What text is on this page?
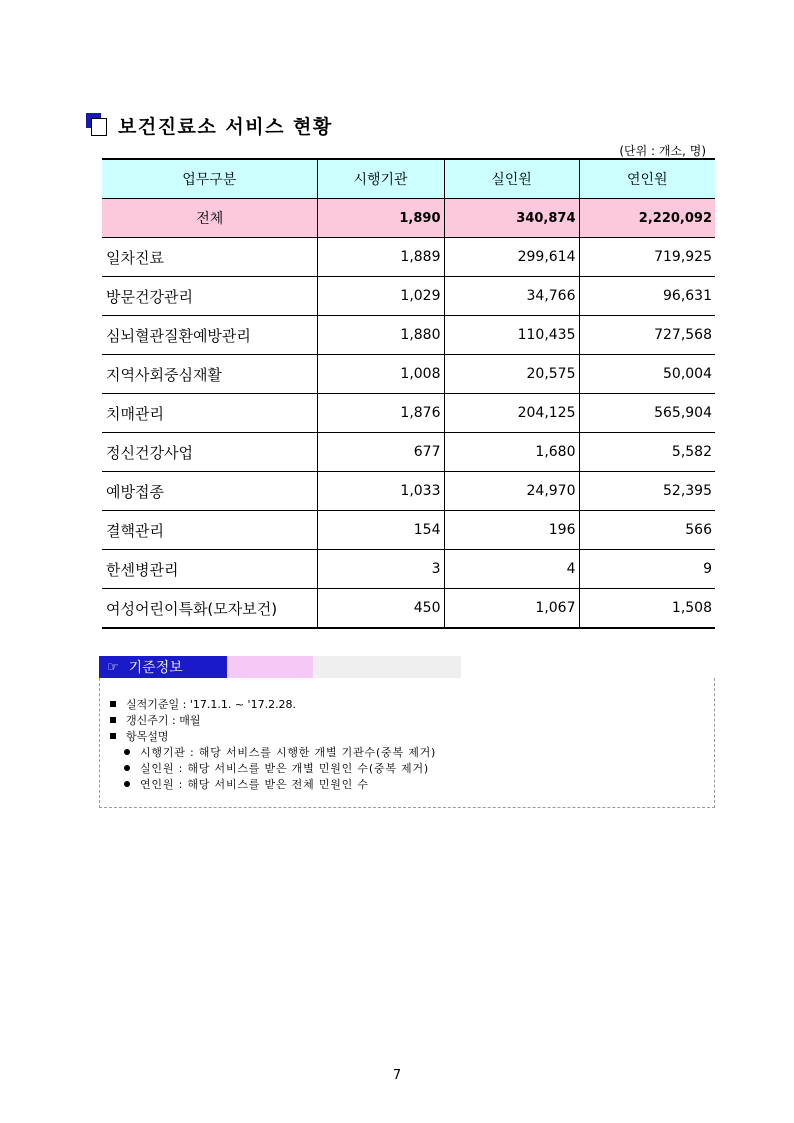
보건진료소 서비스 현황
(단위 : 개소, 명)
업무구분	시행기관	실인원	연인원
전체	1,890	340,874	2,220,092
일차진료	1,889	299,614	719,925
방문건강관리	1,029	34,766	96,631
심뇌혈관질환예방관리	1,880	110,435	727,568
지역사회중심재활	1,008	20,575	50,004
치매관리	1,876	204,125	565,904
정신건강사업	677	1,680	5,582
예방접종	1,033	24,970	52,395
결핵관리	154	196	566
한센병관리	3	4	9
여성어린이특화(모자보건)	450	1,067	1,508
☞ 기준정보
실적기준일 : '17.1.1. ~ '17.2.28.
갱신주기 : 매월
항목설명
시행기관 : 해당 서비스를 시행한 개별 기관수(중복 제거)
실인원 : 해당 서비스를 받은 개별 민원인 수(중복 제거)
연인원 : 해당 서비스를 받은 전체 민원인 수
7
